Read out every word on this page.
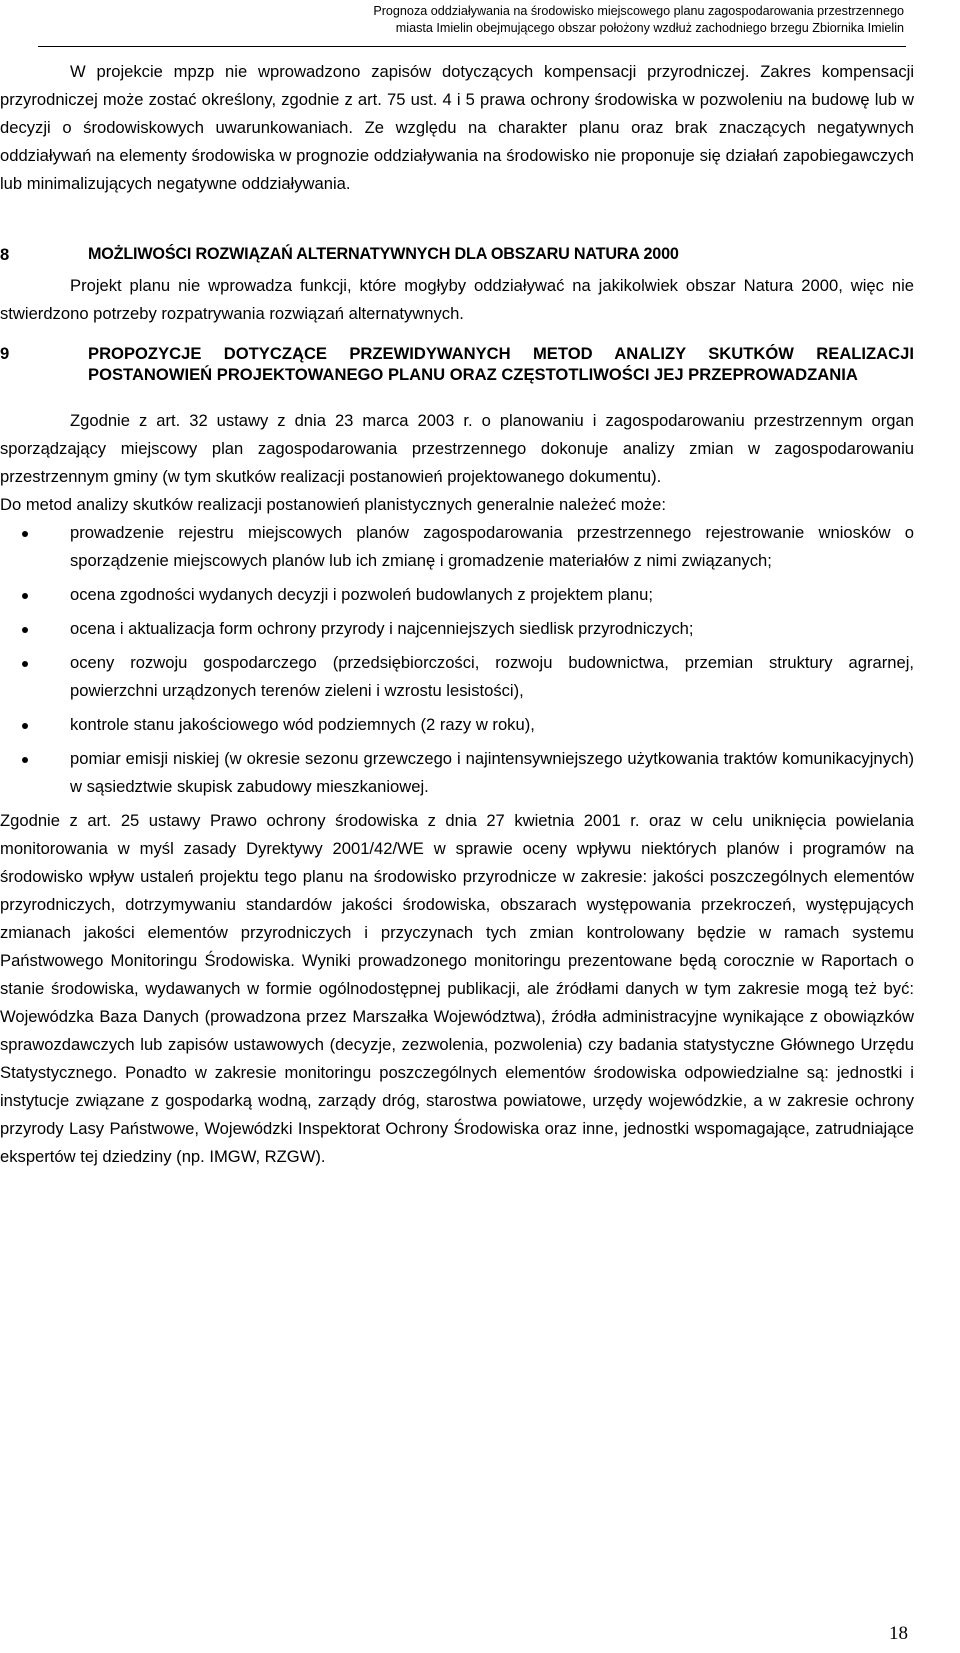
Prognoza oddziaływania na środowisko miejscowego planu zagospodarowania przestrzennego
miasta Imielin obejmującego obszar położony wzdłuż zachodniego brzegu Zbiornika Imielin

W projekcie mpzp nie wprowadzono zapisów dotyczących kompensacji przyrodniczej. Zakres kompensacji przyrodniczej może zostać określony, zgodnie z art. 75 ust. 4 i 5 prawa ochrony środowiska w pozwoleniu na budowę lub w decyzji o środowiskowych uwarunkowaniach. Ze względu na charakter planu oraz brak znaczących negatywnych oddziaływań na elementy środowiska w prognozie oddziaływania na środowisko nie proponuje się działań zapobiegawczych lub minimalizujących negatywne oddziaływania.

8	MOŻLIWOŚCI ROZWIĄZAŃ ALTERNATYWNYCH DLA OBSZARU NATURA 2000

Projekt planu nie wprowadza funkcji, które mogłyby oddziaływać na jakikolwiek obszar Natura 2000, więc nie stwierdzono potrzeby rozpatrywania rozwiązań alternatywnych.

9	PROPOZYCJE DOTYCZĄCE PRZEWIDYWANYCH METOD ANALIZY SKUTKÓW REALIZACJI POSTANOWIEŃ PROJEKTOWANEGO PLANU ORAZ CZĘSTOTLIWOŚCI JEJ PRZEPROWADZANIA

Zgodnie z art. 32 ustawy z dnia 23 marca 2003 r. o planowaniu i zagospodarowaniu przestrzennym organ sporządzający miejscowy plan zagospodarowania przestrzennego dokonuje analizy zmian w zagospodarowaniu przestrzennym gminy (w tym skutków realizacji postanowień projektowanego dokumentu).

Do metod analizy skutków realizacji postanowień planistycznych generalnie należeć może:

prowadzenie rejestru miejscowych planów zagospodarowania przestrzennego rejestrowanie wniosków o sporządzenie miejscowych planów lub ich zmianę i gromadzenie materiałów z nimi związanych;
ocena zgodności wydanych decyzji i pozwoleń budowlanych z projektem planu;
ocena i aktualizacja form ochrony przyrody i najcenniejszych siedlisk przyrodniczych;
oceny rozwoju gospodarczego (przedsiębiorczości, rozwoju budownictwa, przemian struktury agrarnej, powierzchni urządzonych terenów zieleni i wzrostu lesistości),
kontrole stanu jakościowego wód podziemnych (2 razy w roku),
pomiar emisji niskiej (w okresie sezonu grzewczego i najintensywniejszego użytkowania traktów komunikacyjnych) w sąsiedztwie skupisk zabudowy mieszkaniowej.

Zgodnie z art. 25 ustawy Prawo ochrony środowiska z dnia 27 kwietnia 2001 r. oraz w celu uniknięcia powielania monitorowania w myśl zasady Dyrektywy 2001/42/WE w sprawie oceny wpływu niektórych planów i programów na środowisko wpływ ustaleń projektu tego planu na środowisko przyrodnicze w zakresie: jakości poszczególnych elementów przyrodniczych, dotrzymywaniu standardów jakości środowiska, obszarach występowania przekroczeń, występujących zmianach jakości elementów przyrodniczych i przyczynach tych zmian kontrolowany będzie w ramach systemu Państwowego Monitoringu Środowiska. Wyniki prowadzonego monitoringu prezentowane będą corocznie w Raportach o stanie środowiska, wydawanych w formie ogólnodostępnej publikacji, ale źródłami danych w tym zakresie mogą też być: Wojewódzka Baza Danych (prowadzona przez Marszałka Województwa), źródła administracyjne wynikające z obowiązków sprawozdawczych lub zapisów ustawowych (decyzje, zezwolenia, pozwolenia) czy badania statystyczne Głównego Urzędu Statystycznego. Ponadto w zakresie monitoringu poszczególnych elementów środowiska odpowiedzialne są: jednostki i instytucje związane z gospodarką wodną, zarządy dróg, starostwa powiatowe, urzędy wojewódzkie, a w zakresie ochrony przyrody Lasy Państwowe, Wojewódzki Inspektorat Ochrony Środowiska oraz inne, jednostki wspomagające, zatrudniające ekspertów tej dziedziny (np. IMGW, RZGW).

18
